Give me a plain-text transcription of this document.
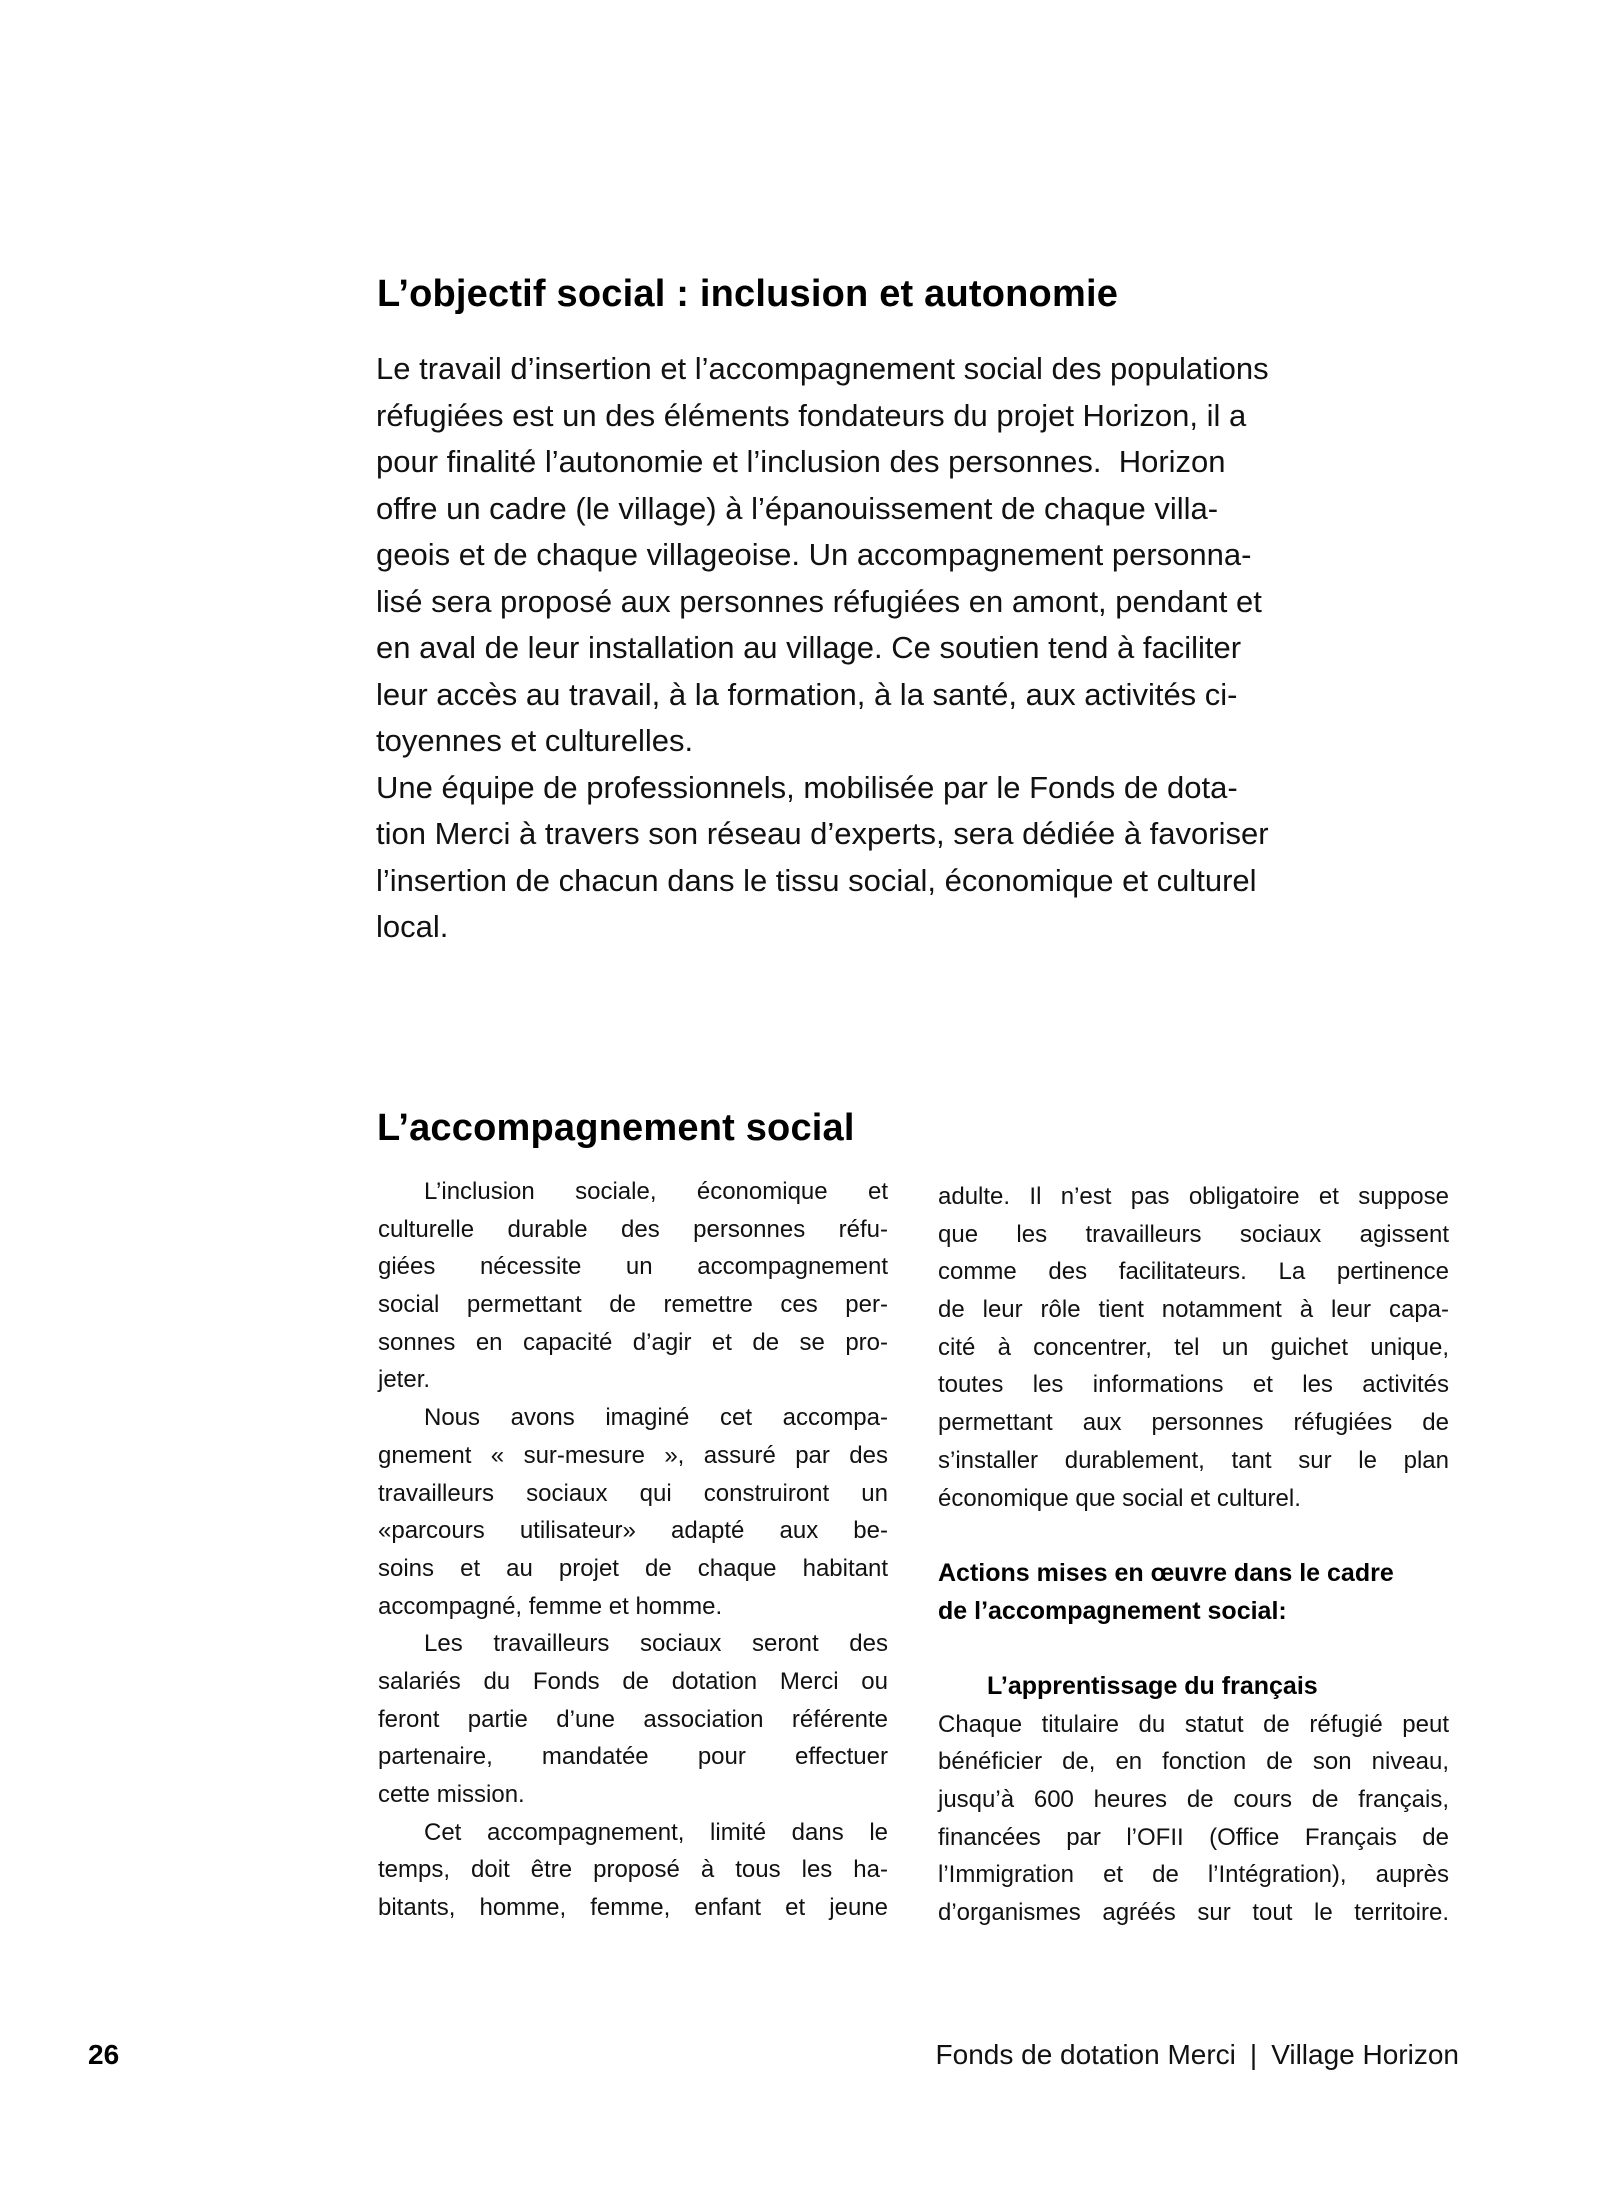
L’objectif social : inclusion et autonomie
Le travail d’insertion et l’accompagnement social des populations
réfugiées est un des éléments fondateurs du projet Horizon, il a
pour finalité l’autonomie et l’inclusion des personnes.  Horizon
offre un cadre (le village) à l’épanouissement de chaque villa-
geois et de chaque villageoise. Un accompagnement personna-
lisé sera proposé aux personnes réfugiées en amont, pendant et
en aval de leur installation au village. Ce soutien tend à faciliter
leur accès au travail, à la formation, à la santé, aux activités ci-
toyennes et culturelles.
Une équipe de professionnels, mobilisée par le Fonds de dota-
tion Merci à travers son réseau d’experts, sera dédiée à favoriser
l’insertion de chacun dans le tissu social, économique et culturel
local.
L’accompagnement social
L’inclusion sociale, économique et
culturelle durable des personnes réfu-
giées nécessite un accompagnement
social permettant de remettre ces per-
sonnes en capacité d’agir et de se pro-
jeter.
Nous avons imaginé cet accompa-
gnement « sur-mesure », assuré par des
travailleurs sociaux qui construiront un
«parcours utilisateur» adapté aux be-
soins et au projet de chaque habitant
accompagné, femme et homme.
Les travailleurs sociaux seront des
salariés du Fonds de dotation Merci ou
feront partie d’une association référente
partenaire, mandatée pour effectuer
cette mission.
Cet accompagnement, limité dans le
temps, doit être proposé à tous les ha-
bitants, homme, femme, enfant et jeune
adulte. Il n’est pas obligatoire et suppose
que les travailleurs sociaux agissent
comme des facilitateurs. La pertinence
de leur rôle tient notamment à leur capa-
cité à concentrer, tel un guichet unique,
toutes les informations et les activités
permettant aux personnes réfugiées de
s’installer durablement, tant sur le plan
économique que social et culturel.
Actions mises en œuvre dans le cadre
de l’accompagnement social:
L’apprentissage du français
Chaque titulaire du statut de réfugié peut
bénéficier de, en fonction de son niveau,
jusqu’à 600 heures de cours de français,
financées par l’OFII (Office Français de
l’Immigration et de l’Intégration), auprès
d’organismes agréés sur tout le territoire.
26	Fonds de dotation Merci | Village Horizon
